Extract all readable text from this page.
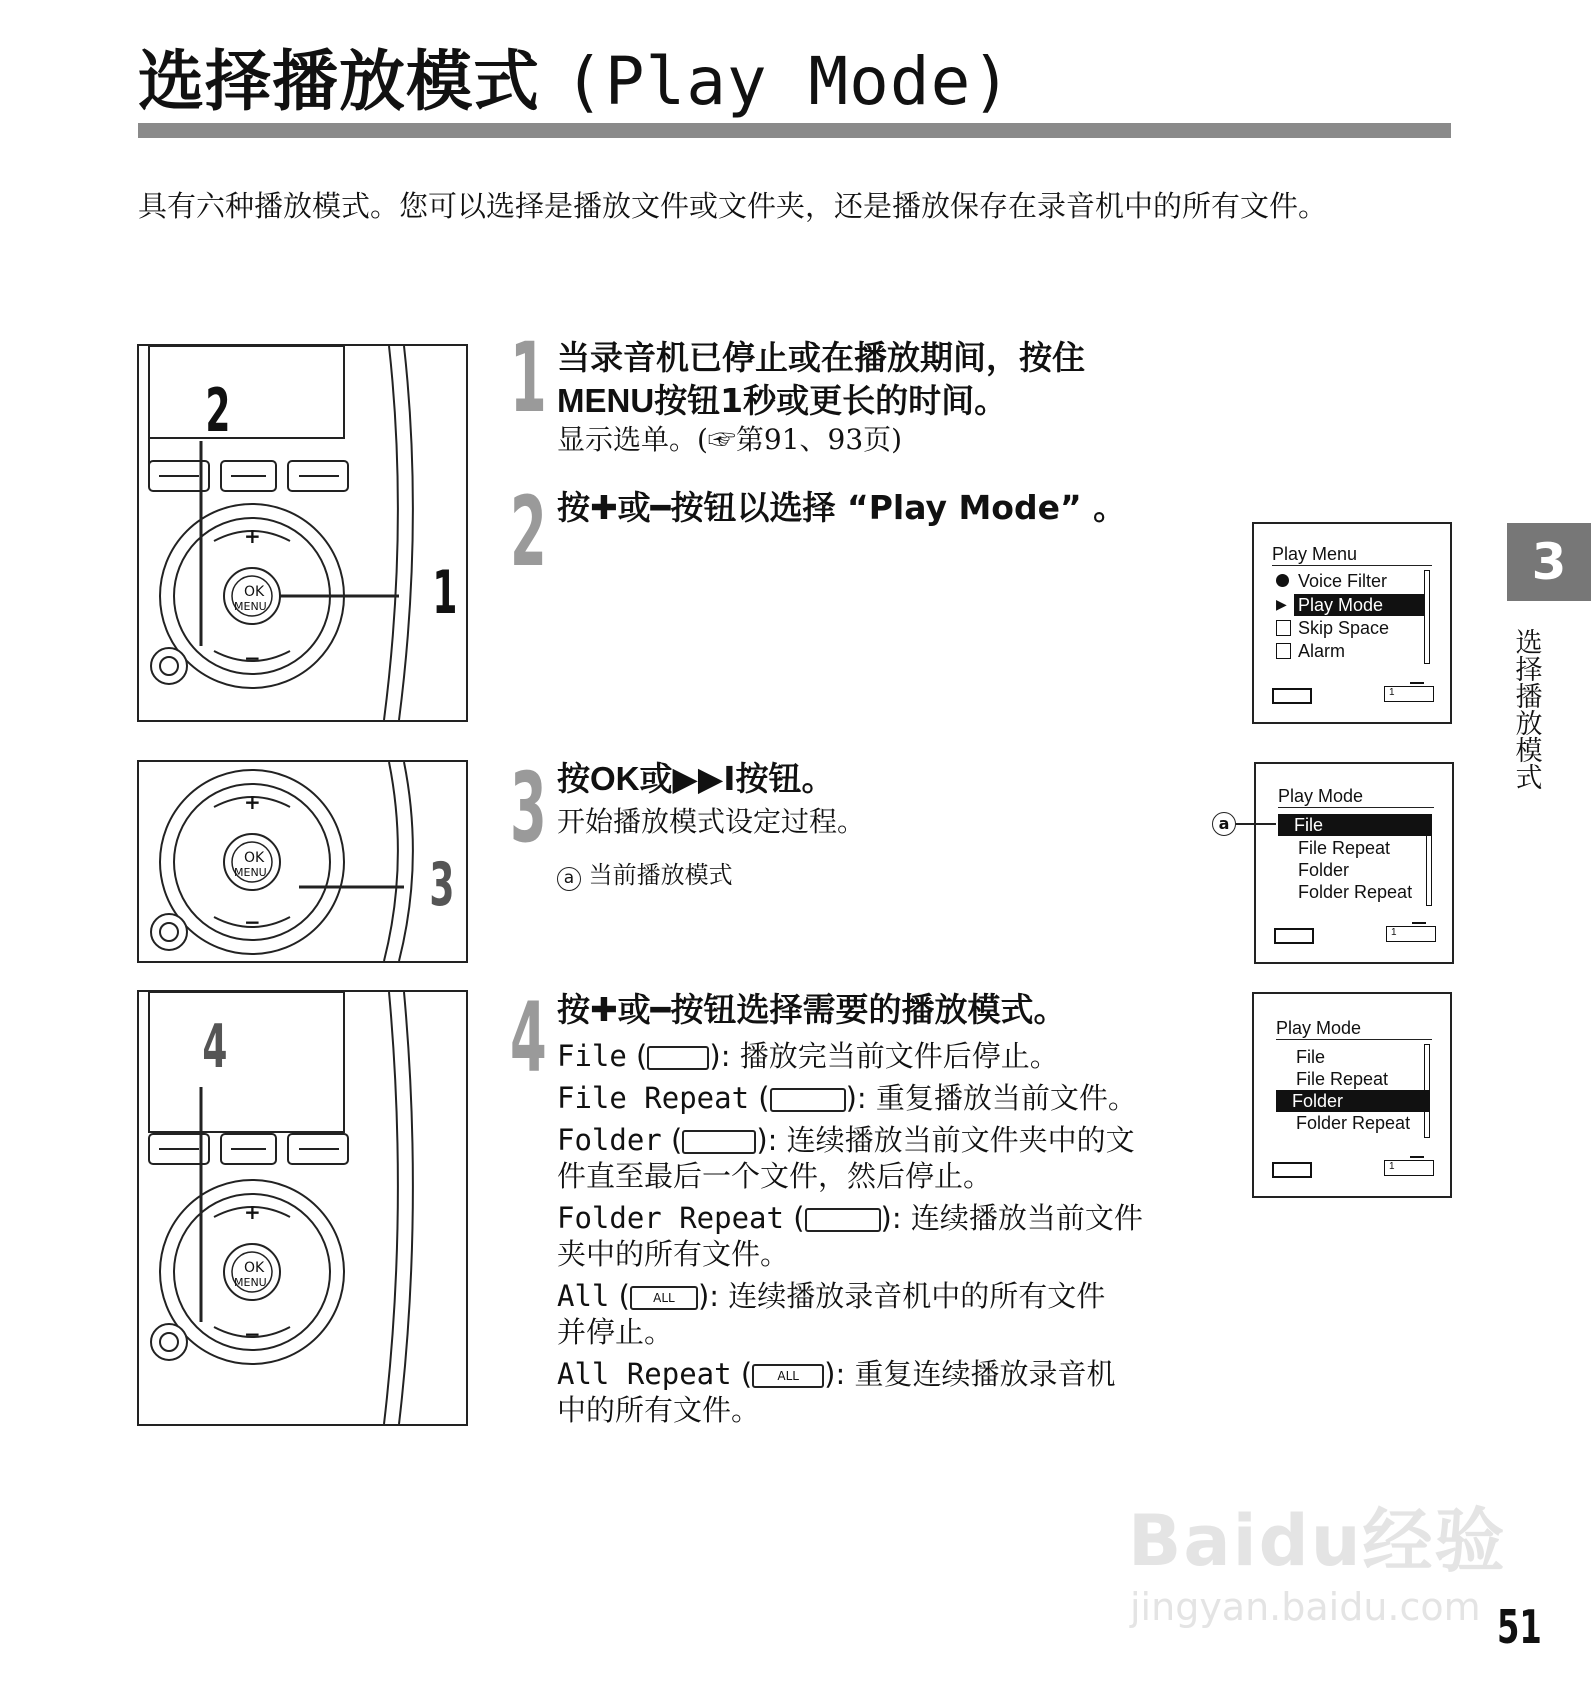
选择播放模式 (Play Mode)
具有六种播放模式。您可以选择是播放文件或文件夹，还是播放保存在录音机中的所有文件。
OK
MENU
+
−
2
1
OK
MENU
+
−
3
OK
MENU
+
−
4
1 当录音机已停止或在播放期间，按住
MENU按钮1秒或更长的时间。
显示选单。(☞第91、93页)
2 按✚或━按钮以选择 “Play Mode” 。
3 按OK或▶▶I按钮。
开始播放模式设定过程。
a 当前播放模式
4 按✚或━按钮选择需要的播放模式。
File ( ): 播放完当前文件后停止。
File Repeat (	): 重复播放当前文件。
Folder (	): 连续播放当前文件夹中的文
件直至最后一个文件，然后停止。
Folder Repeat (	): 连续播放当前文件
夹中的所有文件。
All ( ALL ): 连续播放录音机中的所有文件
并停止。
All Repeat ( ALL ): 重复连续播放录音机
中的所有文件。
Play Menu
Voice Filter
Play Mode
Skip Space
Alarm
▶
1
Play Mode
File
File Repeat
Folder
Folder Repeat
1
a
Play Mode
File
File Repeat
Folder
Folder Repeat
1
3
选择播放模式
Baidu经验
jingyan.baidu.com 51
